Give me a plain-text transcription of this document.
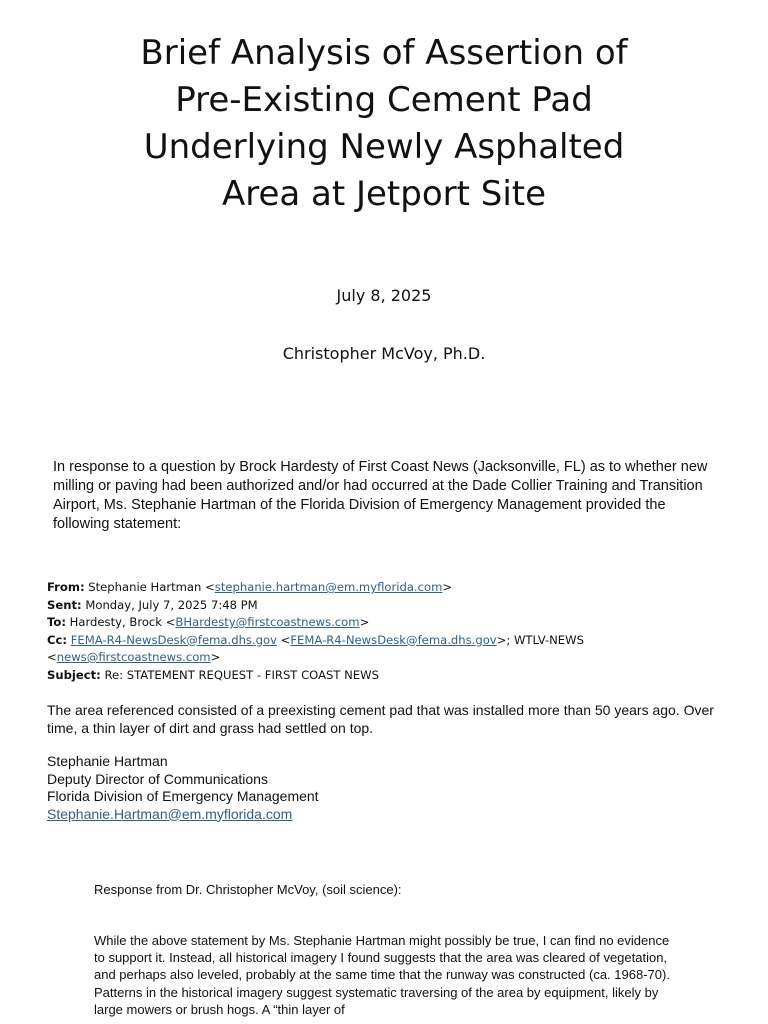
Brief Analysis of Assertion of
Pre-Existing Cement Pad
Underlying Newly Asphalted
Area at Jetport Site
July 8, 2025
Christopher McVoy, Ph.D.

In response to a question by Brock Hardesty of First Coast News (Jacksonville, FL) as to whether new milling or paving had been authorized and/or had occurred at the Dade Collier Training and Transition Airport, Ms. Stephanie Hartman of the Florida Division of Emergency Management provided the following statement:

From: Stephanie Hartman <stephanie.hartman@em.myflorida.com>
Sent: Monday, July 7, 2025 7:48 PM
To: Hardesty, Brock <BHardesty@firstcoastnews.com>
Cc: FEMA-R4-NewsDesk@fema.dhs.gov <FEMA-R4-NewsDesk@fema.dhs.gov>; WTLV-NEWS
<news@firstcoastnews.com>
Subject: Re: STATEMENT REQUEST - FIRST COAST NEWS

The area referenced consisted of a preexisting cement pad that was installed more than 50 years ago. Over time, a thin layer of dirt and grass had settled on top.

Stephanie Hartman
Deputy Director of Communications
Florida Division of Emergency Management
Stephanie.Hartman@em.myflorida.com
Response from Dr. Christopher McVoy, (soil science):

While the above statement by Ms. Stephanie Hartman might possibly be true, I can find no evidence to support it. Instead, all historical imagery I found suggests that the area was cleared of vegetation, and perhaps also leveled, probably at the same time that the runway was constructed (ca. 1968-70). Patterns in the historical imagery suggest systematic traversing of the area by equipment, likely by large mowers or brush hogs. A “thin layer of
